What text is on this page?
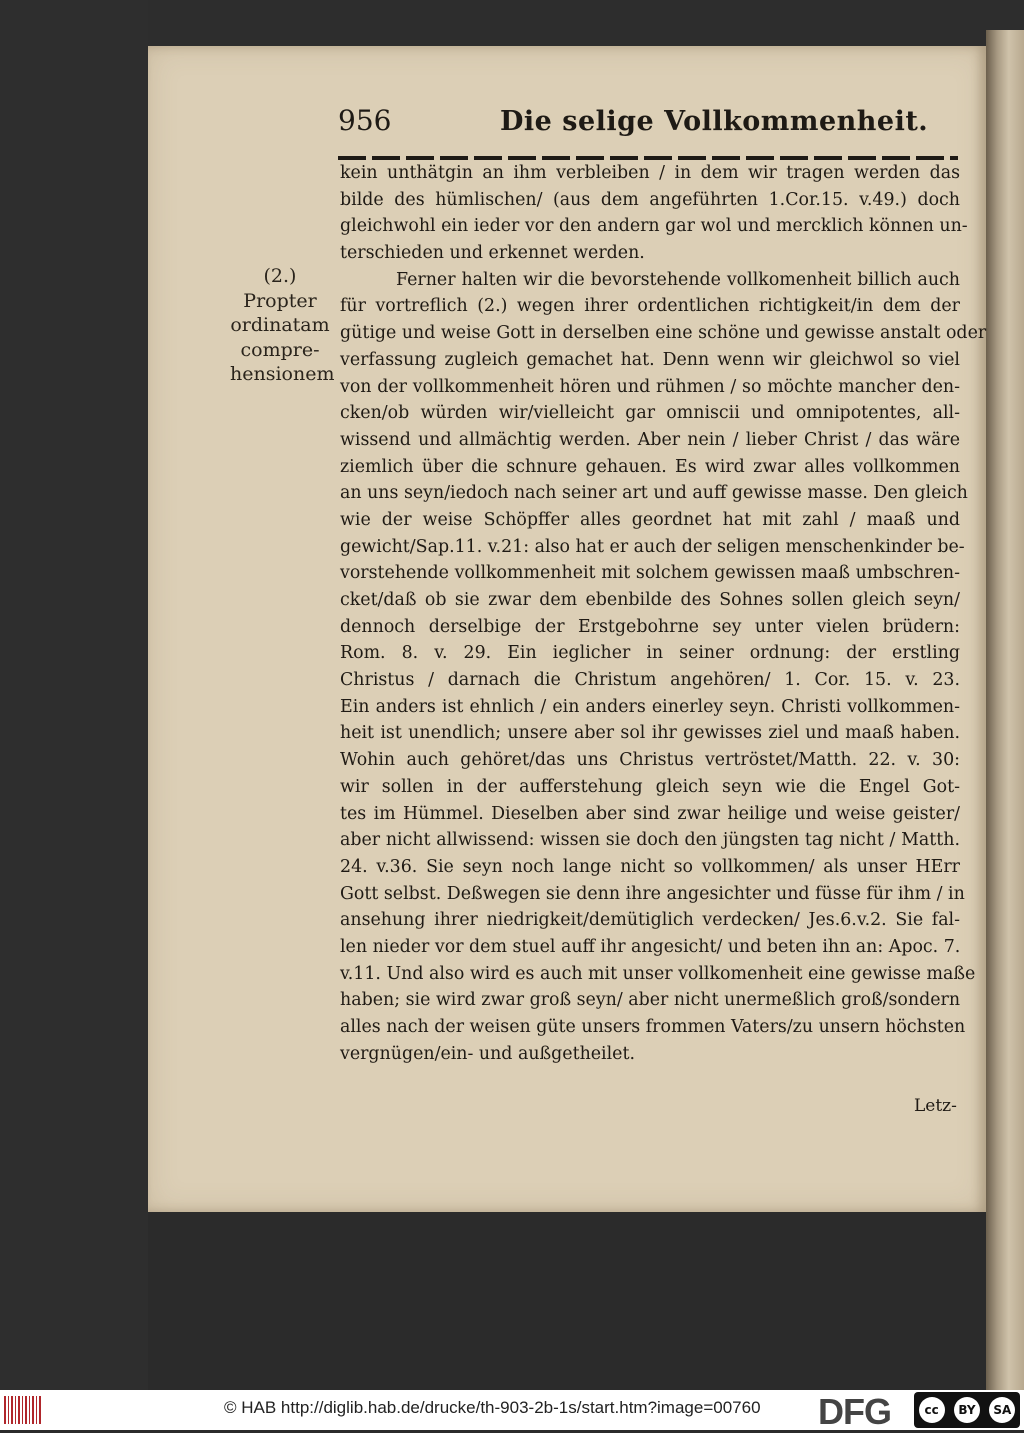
956	Die selige Vollkommenheit.
(2.)
Propter
ordinatam
compre-
hensionem
kein unthätgin an ihm verbleiben / in dem wir tragen werden das
bilde des hümlischen/ (aus dem angeführten 1.Cor.15. v.49.) doch
gleichwohl ein ieder vor den andern gar wol und mercklich können un-
terschieden und erkennet werden.
Ferner halten wir die bevorstehende vollkomenheit billich auch
für vortreflich (2.) wegen ihrer ordentlichen richtigkeit/in dem der
gütige und weise Gott in derselben eine schöne und gewisse anstalt oder
verfassung zugleich gemachet hat. Denn wenn wir gleichwol so viel
von der vollkommenheit hören und rühmen / so möchte mancher den-
cken/ob würden wir/vielleicht gar omniscii und omnipotentes, all-
wissend und allmächtig werden. Aber nein / lieber Christ / das wäre
ziemlich über die schnure gehauen. Es wird zwar alles vollkommen
an uns seyn/iedoch nach seiner art und auff gewisse masse. Den gleich
wie der weise Schöpffer alles geordnet hat mit zahl / maaß und
gewicht/Sap.11. v.21: also hat er auch der seligen menschenkinder be-
vorstehende vollkommenheit mit solchem gewissen maaß umbschren-
cket/daß ob sie zwar dem ebenbilde des Sohnes sollen gleich seyn/
dennoch derselbige der Erstgebohrne sey unter vielen brüdern:
Rom. 8. v. 29. Ein ieglicher in seiner ordnung: der erstling
Christus / darnach die Christum angehören/ 1. Cor. 15. v. 23.
Ein anders ist ehnlich / ein anders einerley seyn. Christi vollkommen-
heit ist unendlich; unsere aber sol ihr gewisses ziel und maaß haben.
Wohin auch gehöret/das uns Christus vertröstet/Matth. 22. v. 30:
wir sollen in der aufferstehung gleich seyn wie die Engel Got-
tes im Hümmel. Dieselben aber sind zwar heilige und weise geister/
aber nicht allwissend: wissen sie doch den jüngsten tag nicht / Matth.
24. v.36. Sie seyn noch lange nicht so vollkommen/ als unser HErr
Gott selbst. Deßwegen sie denn ihre angesichter und füsse für ihm / in
ansehung ihrer niedrigkeit/demütiglich verdecken/ Jes.6.v.2. Sie fal-
len nieder vor dem stuel auff ihr angesicht/ und beten ihn an: Apoc. 7.
v.11. Und also wird es auch mit unser vollkomenheit eine gewisse maße
haben; sie wird zwar groß seyn/ aber nicht unermeßlich groß/sondern
alles nach der weisen güte unsers frommen Vaters/zu unsern höchsten
vergnügen/ein- und außgetheilet.
Letz-
© HAB http://diglib.hab.de/drucke/th-903-2b-1s/start.htm?image=00760 DFG	cc	BY	SA
